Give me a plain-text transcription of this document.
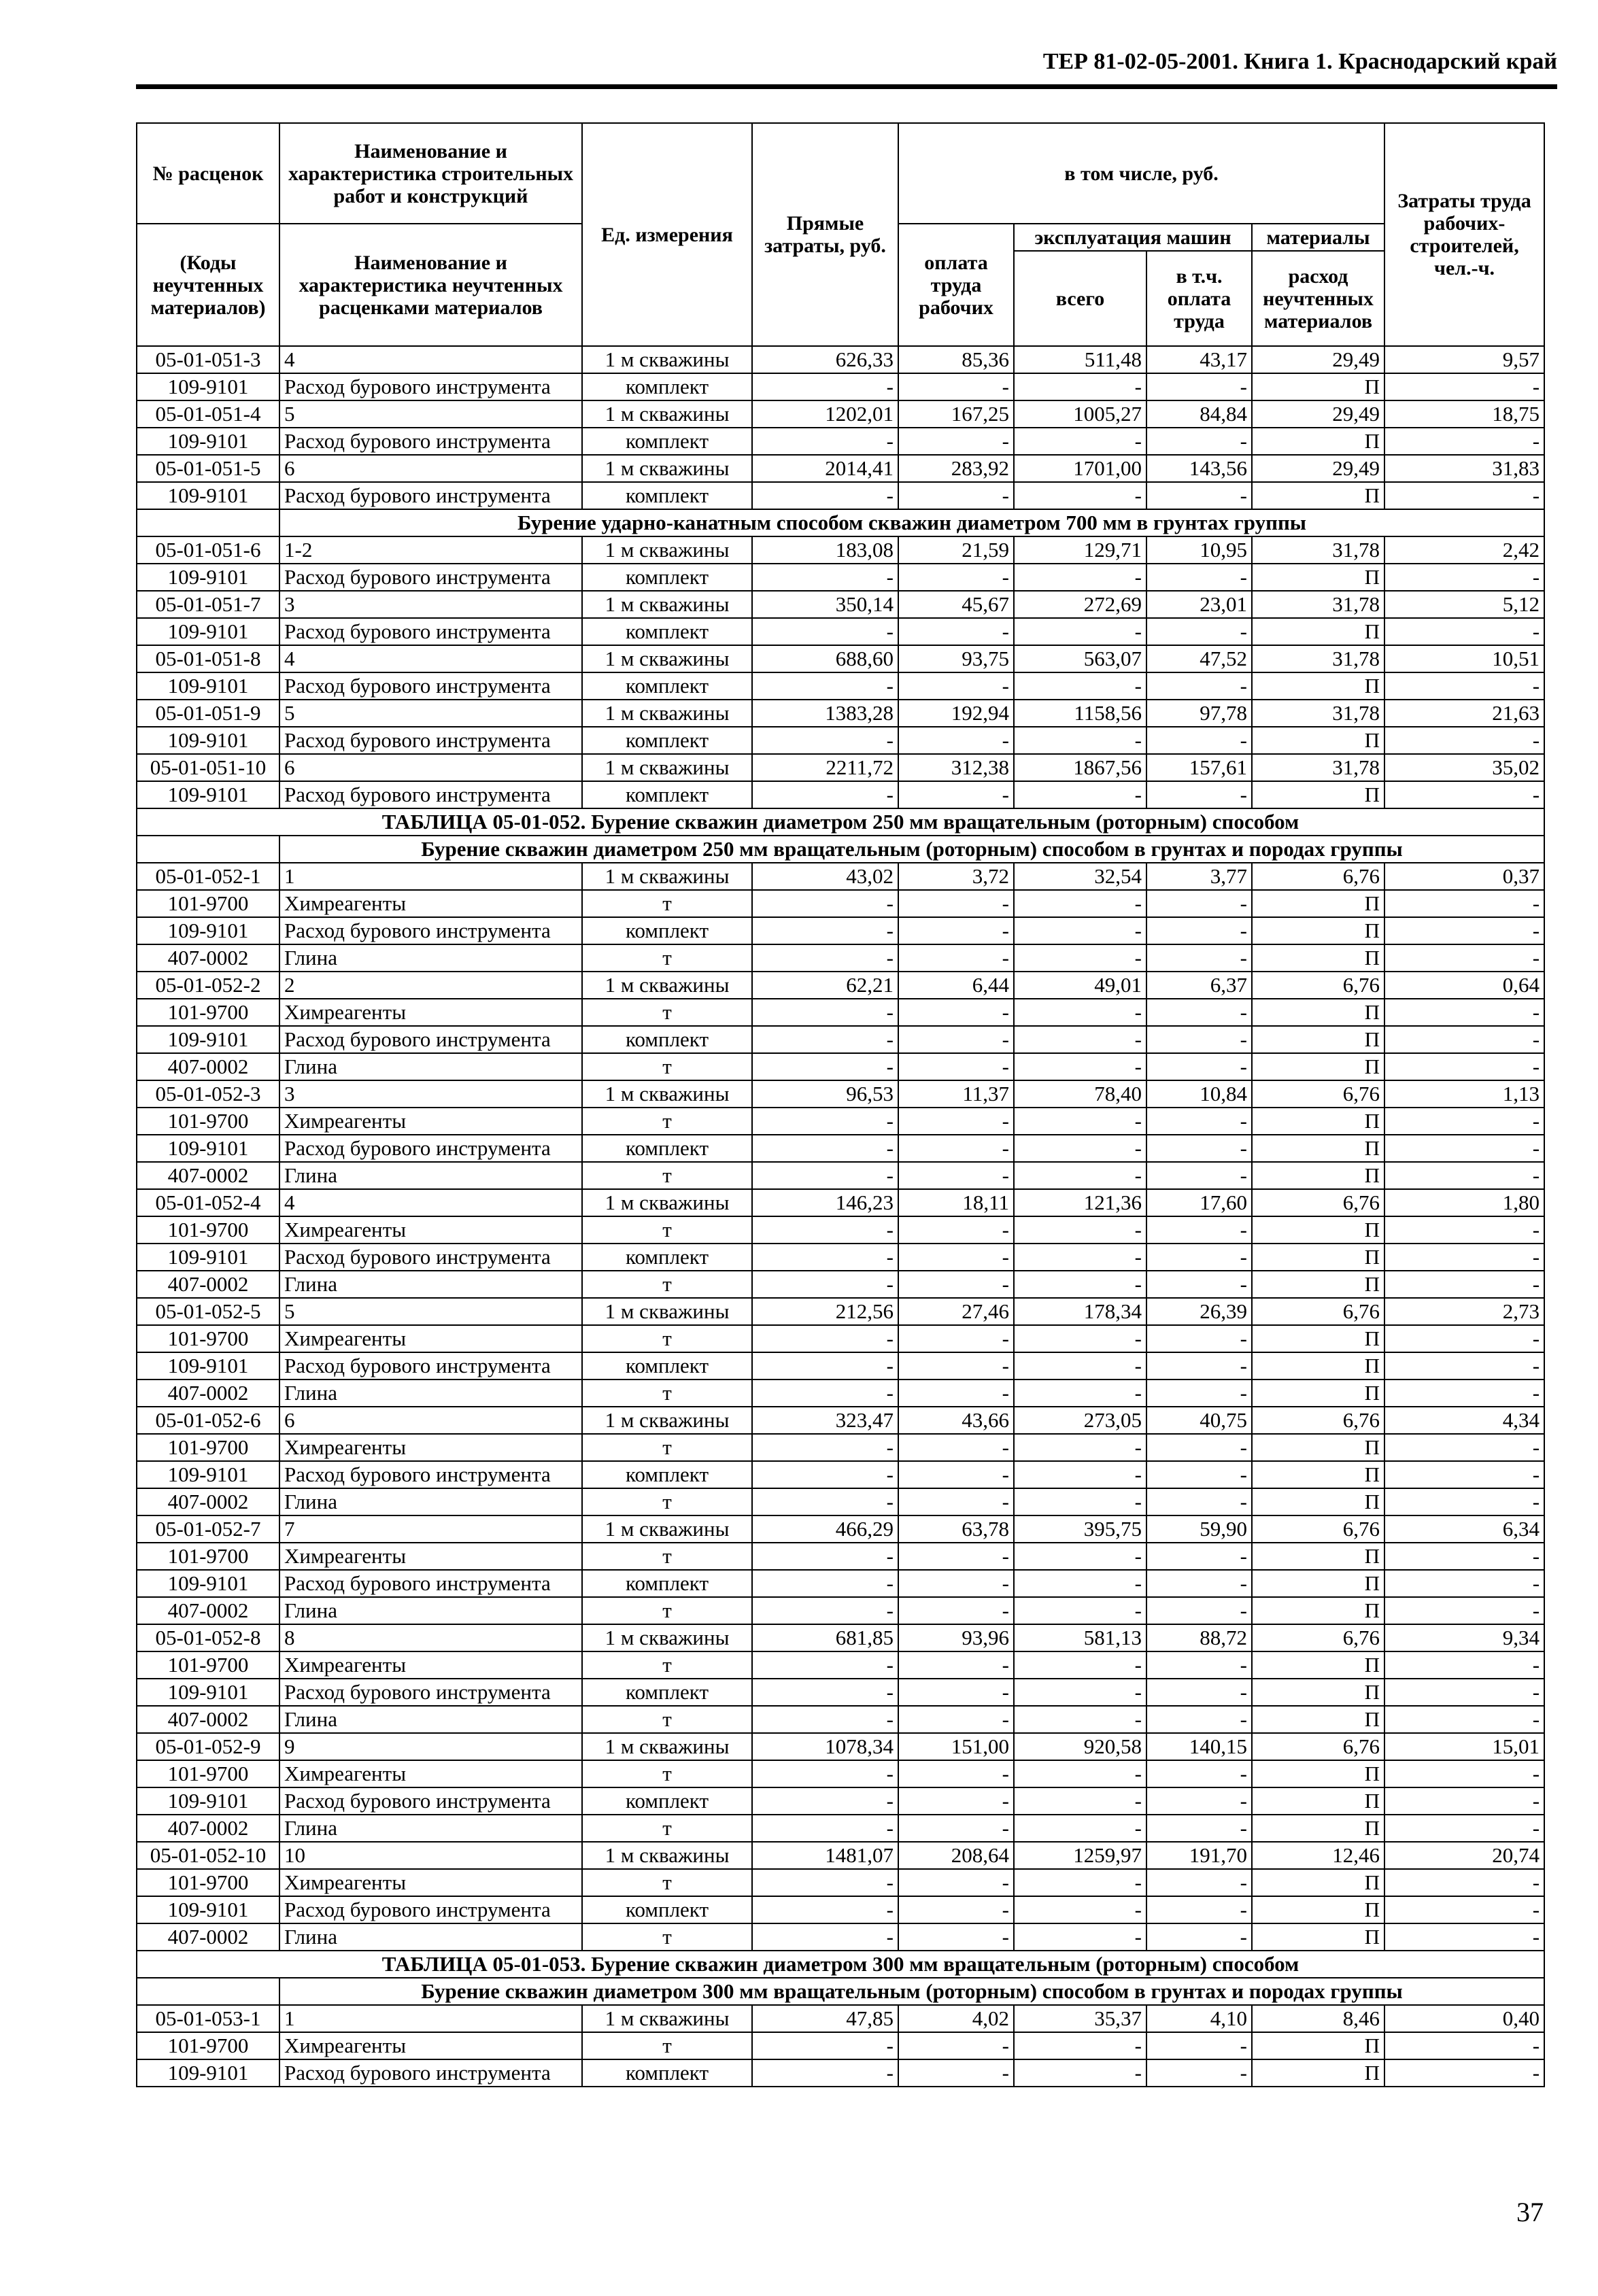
ТЕР 81-02-05-2001. Книга 1. Краснодарский край
№ расценок	Наименование и характеристика строительных работ и конструкций	Ед. измерения	Прямые затраты, руб.	в том числе, руб.				Затраты труда рабочих-строителей, чел.-ч.
(Коды неучтенных материалов)	Наименование и характеристика неучтенных расценками материалов			оплата труда рабочих	эксплуатация машин		материалы	
					всего	в т.ч. оплата труда	расход неучтенных материалов	
05-01-051-3	4	1 м скважины	626,33	85,36	511,48	43,17	29,49	9,57
109-9101	Расход бурового инструмента	комплект	-	-	-	-	П	-
05-01-051-4	5	1 м скважины	1202,01	167,25	1005,27	84,84	29,49	18,75
109-9101	Расход бурового инструмента	комплект	-	-	-	-	П	-
05-01-051-5	6	1 м скважины	2014,41	283,92	1701,00	143,56	29,49	31,83
109-9101	Расход бурового инструмента	комплект	-	-	-	-	П	-
	Бурение ударно-канатным способом скважин диаметром 700 мм в грунтах группы							
05-01-051-6	1-2	1 м скважины	183,08	21,59	129,71	10,95	31,78	2,42
109-9101	Расход бурового инструмента	комплект	-	-	-	-	П	-
05-01-051-7	3	1 м скважины	350,14	45,67	272,69	23,01	31,78	5,12
109-9101	Расход бурового инструмента	комплект	-	-	-	-	П	-
05-01-051-8	4	1 м скважины	688,60	93,75	563,07	47,52	31,78	10,51
109-9101	Расход бурового инструмента	комплект	-	-	-	-	П	-
05-01-051-9	5	1 м скважины	1383,28	192,94	1158,56	97,78	31,78	21,63
109-9101	Расход бурового инструмента	комплект	-	-	-	-	П	-
05-01-051-10	6	1 м скважины	2211,72	312,38	1867,56	157,61	31,78	35,02
109-9101	Расход бурового инструмента	комплект	-	-	-	-	П	-
ТАБЛИЦА 05-01-052. Бурение скважин диаметром 250 мм вращательным (роторным) способом								
	Бурение скважин диаметром 250 мм вращательным (роторным) способом в грунтах и породах группы							
05-01-052-1	1	1 м скважины	43,02	3,72	32,54	3,77	6,76	0,37
101-9700	Химреагенты	т	-	-	-	-	П	-
109-9101	Расход бурового инструмента	комплект	-	-	-	-	П	-
407-0002	Глина	т	-	-	-	-	П	-
05-01-052-2	2	1 м скважины	62,21	6,44	49,01	6,37	6,76	0,64
101-9700	Химреагенты	т	-	-	-	-	П	-
109-9101	Расход бурового инструмента	комплект	-	-	-	-	П	-
407-0002	Глина	т	-	-	-	-	П	-
05-01-052-3	3	1 м скважины	96,53	11,37	78,40	10,84	6,76	1,13
101-9700	Химреагенты	т	-	-	-	-	П	-
109-9101	Расход бурового инструмента	комплект	-	-	-	-	П	-
407-0002	Глина	т	-	-	-	-	П	-
05-01-052-4	4	1 м скважины	146,23	18,11	121,36	17,60	6,76	1,80
101-9700	Химреагенты	т	-	-	-	-	П	-
109-9101	Расход бурового инструмента	комплект	-	-	-	-	П	-
407-0002	Глина	т	-	-	-	-	П	-
05-01-052-5	5	1 м скважины	212,56	27,46	178,34	26,39	6,76	2,73
101-9700	Химреагенты	т	-	-	-	-	П	-
109-9101	Расход бурового инструмента	комплект	-	-	-	-	П	-
407-0002	Глина	т	-	-	-	-	П	-
05-01-052-6	6	1 м скважины	323,47	43,66	273,05	40,75	6,76	4,34
101-9700	Химреагенты	т	-	-	-	-	П	-
109-9101	Расход бурового инструмента	комплект	-	-	-	-	П	-
407-0002	Глина	т	-	-	-	-	П	-
05-01-052-7	7	1 м скважины	466,29	63,78	395,75	59,90	6,76	6,34
101-9700	Химреагенты	т	-	-	-	-	П	-
109-9101	Расход бурового инструмента	комплект	-	-	-	-	П	-
407-0002	Глина	т	-	-	-	-	П	-
05-01-052-8	8	1 м скважины	681,85	93,96	581,13	88,72	6,76	9,34
101-9700	Химреагенты	т	-	-	-	-	П	-
109-9101	Расход бурового инструмента	комплект	-	-	-	-	П	-
407-0002	Глина	т	-	-	-	-	П	-
05-01-052-9	9	1 м скважины	1078,34	151,00	920,58	140,15	6,76	15,01
101-9700	Химреагенты	т	-	-	-	-	П	-
109-9101	Расход бурового инструмента	комплект	-	-	-	-	П	-
407-0002	Глина	т	-	-	-	-	П	-
05-01-052-10	10	1 м скважины	1481,07	208,64	1259,97	191,70	12,46	20,74
101-9700	Химреагенты	т	-	-	-	-	П	-
109-9101	Расход бурового инструмента	комплект	-	-	-	-	П	-
407-0002	Глина	т	-	-	-	-	П	-
ТАБЛИЦА 05-01-053. Бурение скважин диаметром 300 мм вращательным (роторным) способом								
	Бурение скважин диаметром 300 мм вращательным (роторным) способом в грунтах и породах группы							
05-01-053-1	1	1 м скважины	47,85	4,02	35,37	4,10	8,46	0,40
101-9700	Химреагенты	т	-	-	-	-	П	-
109-9101	Расход бурового инструмента	комплект	-	-	-	-	П	-
37
